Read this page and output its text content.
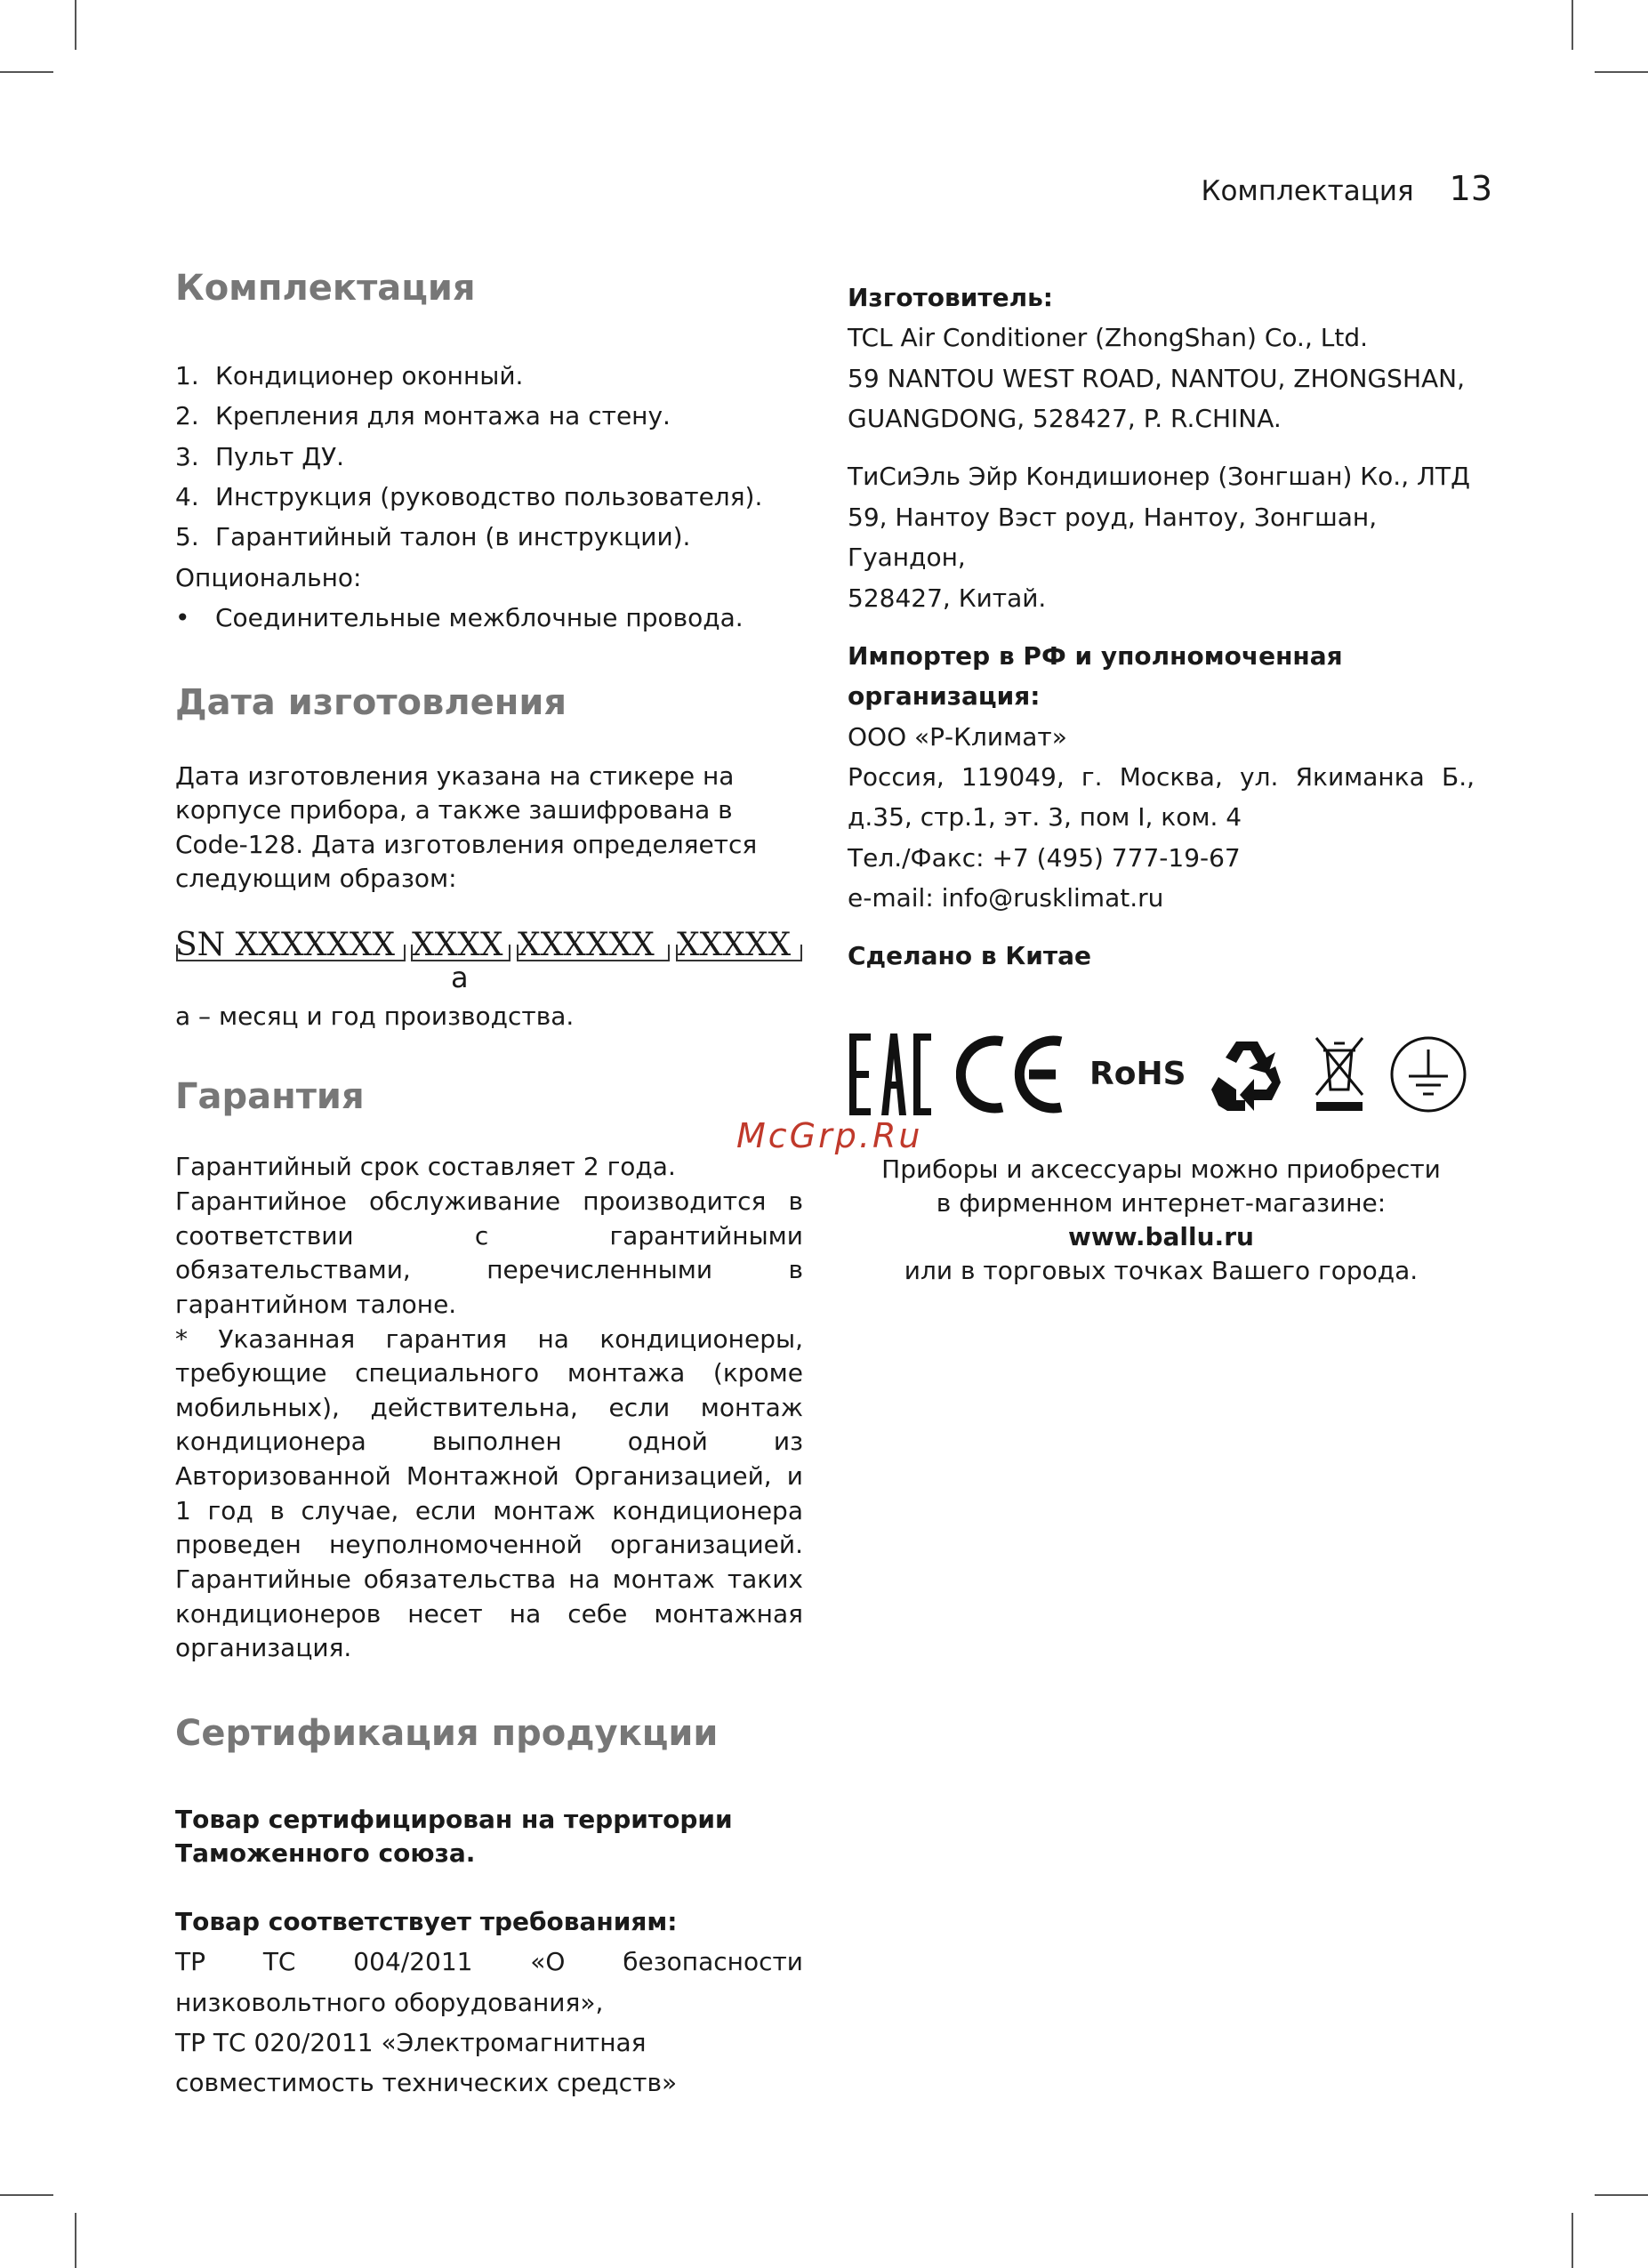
Комплектация 13
Комплектация
1. Кондиционер оконный.
2. Крепления для монтажа на стену.
3. Пульт ДУ.
4. Инструкция (руководство пользователя).
5. Гарантийный талон (в инструкции).

Опционально:

•	Соединительные межблочные провода.
Дата изготовления

Дата изготовления указана на стикере на корпусе прибора, а также зашифрована в Code-128. Дата изготовления определяется следующим образом:

SN XXXXXXX XXXX XXXXXX XXXXX
a

a – месяц и год производства.

Гарантия

Гарантийный срок составляет 2 года.

Гарантийное обслуживание производится в соответствии с гарантийными обязательствами, перечисленными в гарантийном талоне.

* Указанная гарантия на кондиционеры, требующие специального монтажа (кроме мобильных), действительна, если монтаж кондиционера выполнен одной из Авторизованной Монтажной Организацией, и 1 год в случае, если монтаж кондиционера проведен неуполномоченной организацией. Гарантийные обязательства на монтаж таких кондиционеров несет на себе монтажная организация.

Сертификация продукции

Товар сертифицирован на территории
Таможенного союза.

Товар соответствует требованиям:

ТР ТС 004/2011 «О безопасности низковольтного оборудования»,

ТР ТС 020/2011 «Электромагнитная совместимость технических средств»

Изготовитель:

TCL Air Conditioner (ZhongShan) Co., Ltd.

59 NANTOU WEST ROAD, NANTOU, ZHONGSHAN,

GUANGDONG, 528427, P. R.CHINA.

ТиСиЭль Эйр Кондишионер (Зонгшан) Ко., ЛТД

59, Нантоу Вэст роуд, Нантоу, Зонгшан, Гуандон,

528427, Китай.

Импортер в РФ и уполномоченная
организация:

ООО «Р-Климат»

Россия, 119049, г. Москва, ул. Якиманка Б., д.35, стр.1, эт. 3, пом I, ком. 4

Тел./Факс: +7 (495) 777-19-67

e-mail: info@rusklimat.ru

Сделано в Китае

RoHS

Приборы и аксессуары можно приобрести

в фирменном интернет-магазине:

www.ballu.ru

или в торговых точках Вашего города.

McGrp.Ru
